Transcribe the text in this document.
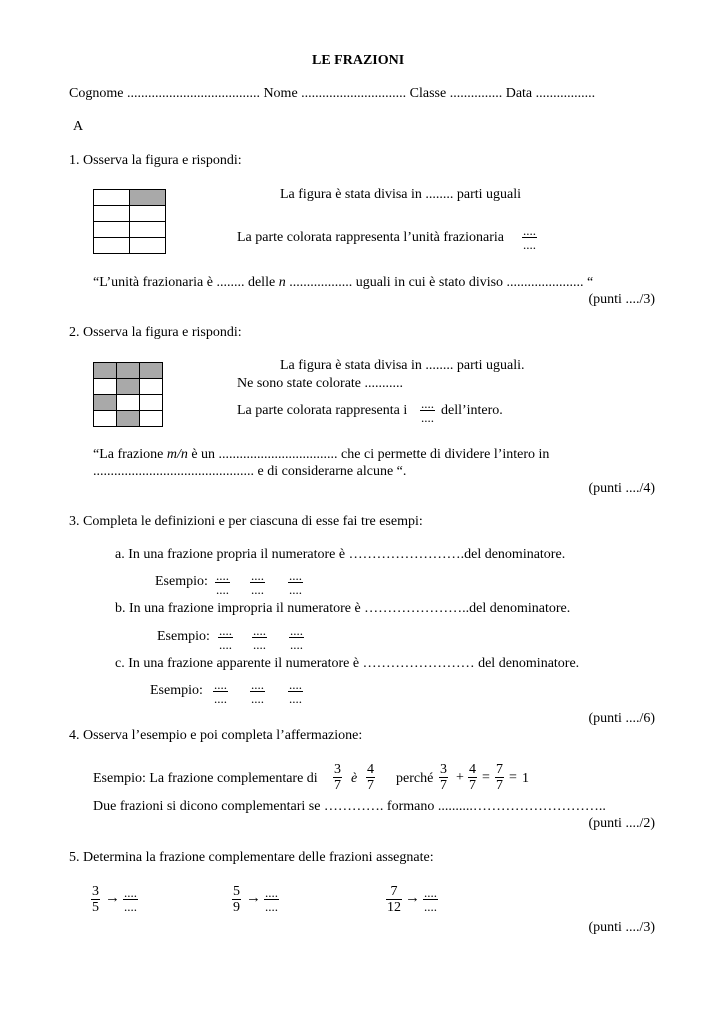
LE FRAZIONI
Cognome ...................................... Nome .............................. Classe ............... Data .................
A
1. Osserva la figura e rispondi:

La figura è stata divisa in ........ parti uguali
La parte colorata rappresenta l’unità frazionaria ....
....
“L’unità frazionaria è ........ delle n .................. uguali in cui è stato diviso ...................... “
(punti ..../3)
2. Osserva la figura e rispondi:

La figura è stata divisa in ........ parti uguali.
Ne sono state colorate ...........
La parte colorata rappresenta i ....
.... dell’intero.
“La frazione m/n è un .................................. che ci permette di dividere l’intero in
.............................................. e di considerarne alcune “.
(punti ..../4)
3. Completa le definizioni e per ciascuna di esse fai tre esempi:
a. In una frazione propria il numeratore è …………………….del denominatore.
Esempio: ....
....
....
....
....
....
b. In una frazione impropria il numeratore è …………………..del denominatore.
Esempio: ....
....
....
....
....
....
c. In una frazione apparente il numeratore è …………………… del denominatore.
Esempio: ....
....
....
....
....
....
(punti ..../6)
4. Osserva l’esempio e poi completa l’affermazione:
Esempio: La frazione complementare di $\frac{3}{7}$ è $\frac{4}{7}$ perché $\frac{3}{7} + \frac{4}{7} = \frac{7}{7} = 1$
Due frazioni si dicono complementari se …………. formano ..........………………………..
(punti ..../2)
5. Determina la frazione complementare delle frazioni assegnate:
$\frac{3}{5}$ → ....
....	$\frac{5}{9}$ → ....
....	$\frac{7}{12}$ → ....
....
(punti ..../3)
